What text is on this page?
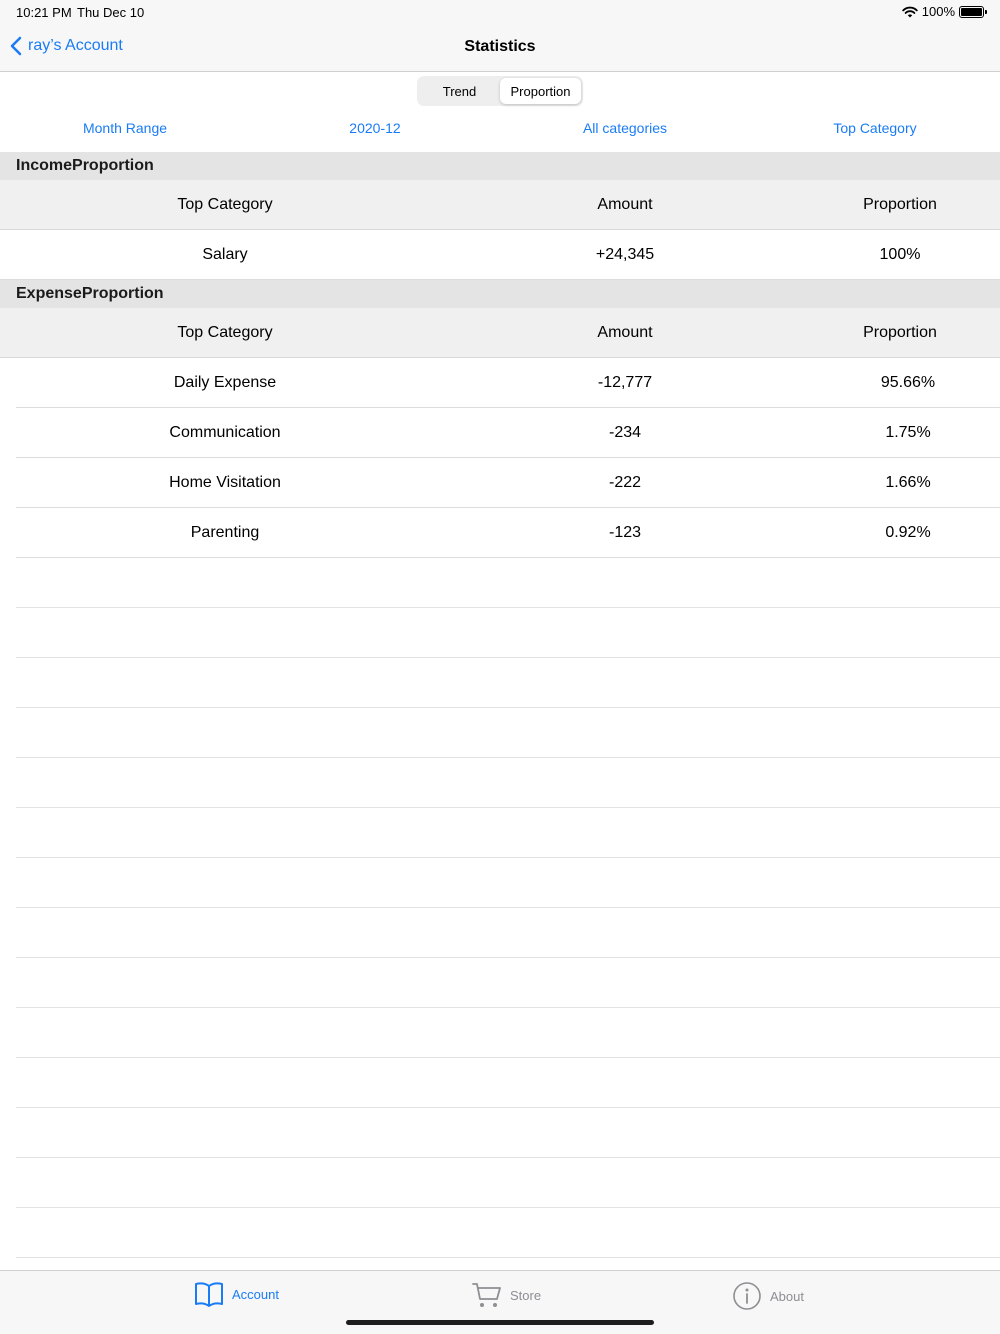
10:21 PM Thu Dec 10	100%
ray’s Account	Statistics
Trend	Proportion
Month Range	2020-12	All categories	Top Category
IncomeProportion
Top Category	Amount	Proportion
Salary	+24,345	100%
ExpenseProportion
Top Category	Amount	Proportion
Daily Expense	-12,777	95.66%
Communication	-234	1.75%
Home Visitation	-222	1.66%
Parenting	-123	0.92%
Account	Store	About
